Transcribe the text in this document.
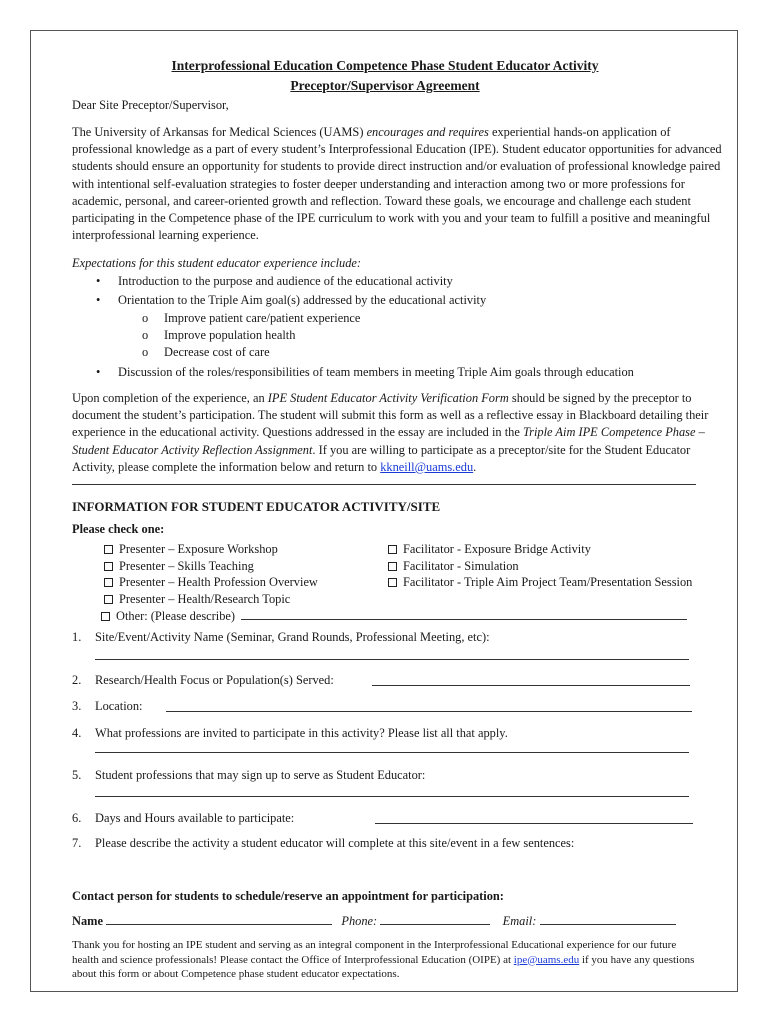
Interprofessional Education Competence Phase Student Educator Activity
Preceptor/Supervisor Agreement
Dear Site Preceptor/Supervisor,
The University of Arkansas for Medical Sciences (UAMS) encourages and requires experiential hands-on application of professional knowledge as a part of every student’s Interprofessional Education (IPE). Student educator opportunities for advanced students should ensure an opportunity for students to provide direct instruction and/or evaluation of professional knowledge paired with intentional self-evaluation strategies to foster deeper understanding and interaction among two or more professions for academic, personal, and career-oriented growth and reflection. Toward these goals, we encourage and challenge each student participating in the Competence phase of the IPE curriculum to work with you and your team to fulfill a positive and meaningful interprofessional learning experience.
Expectations for this student educator experience include:
• Introduction to the purpose and audience of the educational activity
• Orientation to the Triple Aim goal(s) addressed by the educational activity
o Improve patient care/patient experience
o Improve population health
o Decrease cost of care
• Discussion of the roles/responsibilities of team members in meeting Triple Aim goals through education
Upon completion of the experience, an IPE Student Educator Activity Verification Form should be signed by the preceptor to document the student’s participation. The student will submit this form as well as a reflective essay in Blackboard detailing their experience in the educational activity. Questions addressed in the essay are included in the Triple Aim IPE Competence Phase – Student Educator Activity Reflection Assignment. If you are willing to participate as a preceptor/site for the Student Educator Activity, please complete the information below and return to kkneill@uams.edu.
INFORMATION FOR STUDENT EDUCATOR ACTIVITY/SITE
Please check one:
Presenter – Exposure Workshop
Presenter – Skills Teaching
Presenter – Health Profession Overview
Presenter – Health/Research Topic
Other: (Please describe)
Facilitator - Exposure Bridge Activity
Facilitator - Simulation
Facilitator - Triple Aim Project Team/Presentation Session
1. Site/Event/Activity Name (Seminar, Grand Rounds, Professional Meeting, etc):
2. Research/Health Focus or Population(s) Served:
3. Location:
4. What professions are invited to participate in this activity? Please list all that apply.
5. Student professions that may sign up to serve as Student Educator:
6. Days and Hours available to participate:
7. Please describe the activity a student educator will complete at this site/event in a few sentences:
Contact person for students to schedule/reserve an appointment for participation:
Name	Phone:	Email:
Thank you for hosting an IPE student and serving as an integral component in the Interprofessional Educational experience for our future health and science professionals! Please contact the Office of Interprofessional Education (OIPE) at ipe@uams.edu if you have any questions about this form or about Competence phase student educator expectations.
